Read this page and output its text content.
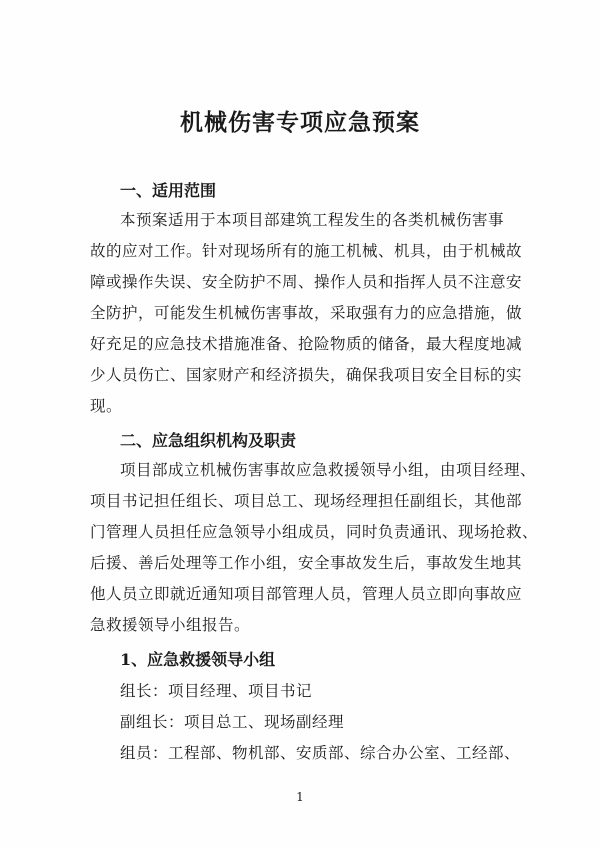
机械伤害专项应急预案
一、适用范围
本预案适用于本项目部建筑工程发生的各类机械伤害事
故的应对工作。针对现场所有的施工机械、机具，由于机械故
障或操作失误、安全防护不周、操作人员和指挥人员不注意安
全防护，可能发生机械伤害事故，采取强有力的应急措施，做
好充足的应急技术措施准备、抢险物质的储备，最大程度地减
少人员伤亡、国家财产和经济损失，确保我项目安全目标的实
现。
二、应急组织机构及职责
项目部成立机械伤害事故应急救援领导小组，由项目经理、
项目书记担任组长、项目总工、现场经理担任副组长，其他部
门管理人员担任应急领导小组成员，同时负责通讯、现场抢救、
后援、善后处理等工作小组，安全事故发生后，事故发生地其
他人员立即就近通知项目部管理人员，管理人员立即向事故应
急救援领导小组报告。
1、应急救援领导小组
组长：项目经理、项目书记
副组长：项目总工、现场副经理
组员：工程部、物机部、安质部、综合办公室、工经部、
1
